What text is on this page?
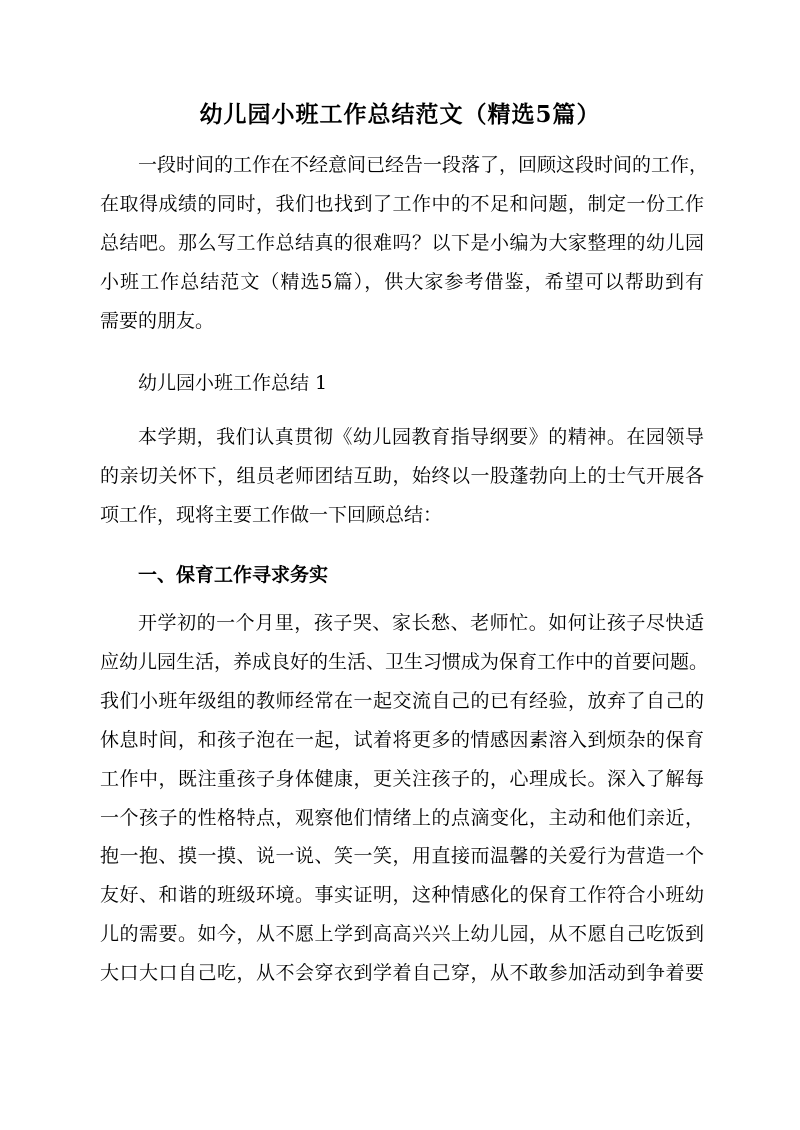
幼儿园小班工作总结范文（精选5篇）
一段时间的工作在不经意间已经告一段落了，回顾这段时间的工作，
在取得成绩的同时，我们也找到了工作中的不足和问题，制定一份工作
总结吧。那么写工作总结真的很难吗？以下是小编为大家整理的幼儿园
小班工作总结范文（精选5篇），供大家参考借鉴，希望可以帮助到有
需要的朋友。
幼儿园小班工作总结 1
本学期，我们认真贯彻《幼儿园教育指导纲要》的精神。在园领导
的亲切关怀下，组员老师团结互助，始终以一股蓬勃向上的士气开展各
项工作，现将主要工作做一下回顾总结：
一、保育工作寻求务实
开学初的一个月里，孩子哭、家长愁、老师忙。如何让孩子尽快适
应幼儿园生活，养成良好的生活、卫生习惯成为保育工作中的首要问题。
我们小班年级组的教师经常在一起交流自己的已有经验，放弃了自己的
休息时间，和孩子泡在一起，试着将更多的情感因素溶入到烦杂的保育
工作中，既注重孩子身体健康，更关注孩子的，心理成长。深入了解每
一个孩子的性格特点，观察他们情绪上的点滴变化，主动和他们亲近，
抱一抱、摸一摸、说一说、笑一笑，用直接而温馨的关爱行为营造一个
友好、和谐的班级环境。事实证明，这种情感化的保育工作符合小班幼
儿的需要。如今，从不愿上学到高高兴兴上幼儿园，从不愿自己吃饭到
大口大口自己吃，从不会穿衣到学着自己穿，从不敢参加活动到争着要
